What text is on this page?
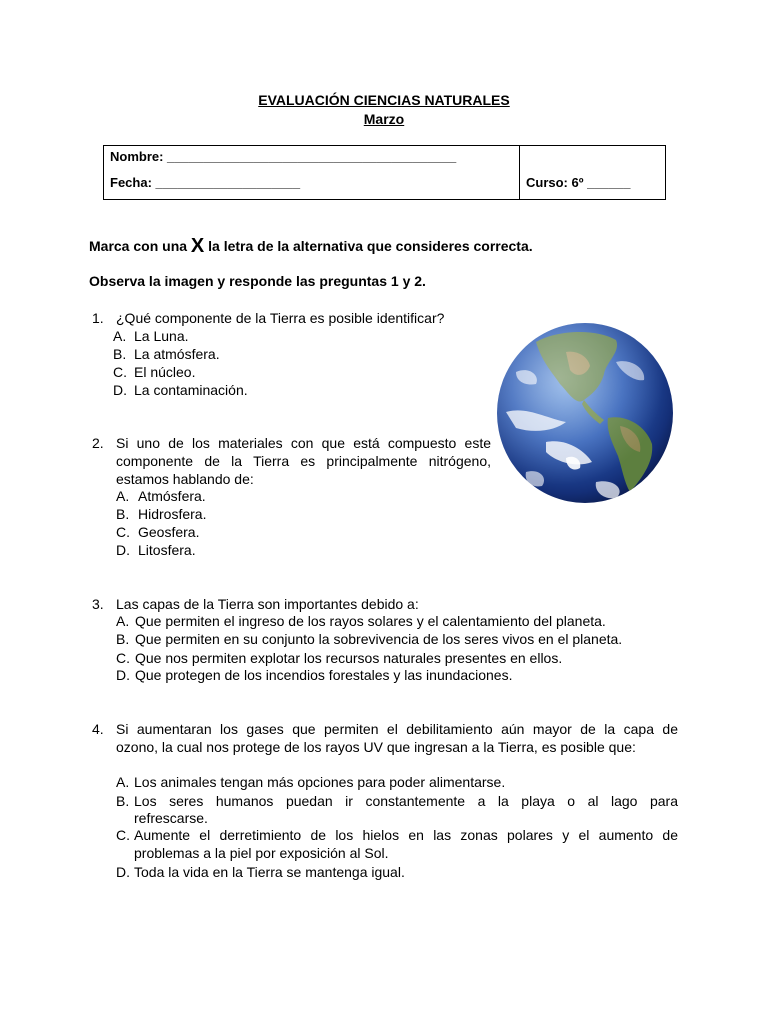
EVALUACIÓN CIENCIAS NATURALES
Marzo
Nombre: ________________________________________
Fecha: ____________________	Curso: 6º ______
Marca con una X la letra de la alternativa que consideres correcta.
Observa la imagen y responde las preguntas 1 y 2.
1. ¿Qué componente de la Tierra es posible identificar?
A. La Luna.
B. La atmósfera.
C. El núcleo.
D. La contaminación.
2. Si uno de los materiales con que está compuesto este
componente de la Tierra es principalmente nitrógeno,
estamos hablando de:
A. Atmósfera.
B. Hidrosfera.
C. Geosfera.
D. Litosfera.
3. Las capas de la Tierra son importantes debido a:
A. Que permiten el ingreso de los rayos solares y el calentamiento del planeta.
B. Que permiten en su conjunto la sobrevivencia de los seres vivos en el planeta.
C. Que nos permiten explotar los recursos naturales presentes en ellos.
D. Que protegen de los incendios forestales y las inundaciones.
4. Si aumentaran los gases que permiten el debilitamiento aún mayor de la capa de
ozono, la cual nos protege de los rayos UV que ingresan a la Tierra, es posible que:
A. Los animales tengan más opciones para poder alimentarse.
B. Los seres humanos puedan ir constantemente a la playa o al lago para
refrescarse.
C. Aumente el derretimiento de los hielos en las zonas polares y el aumento de
problemas a la piel por exposición al Sol.
D. Toda la vida en la Tierra se mantenga igual.
